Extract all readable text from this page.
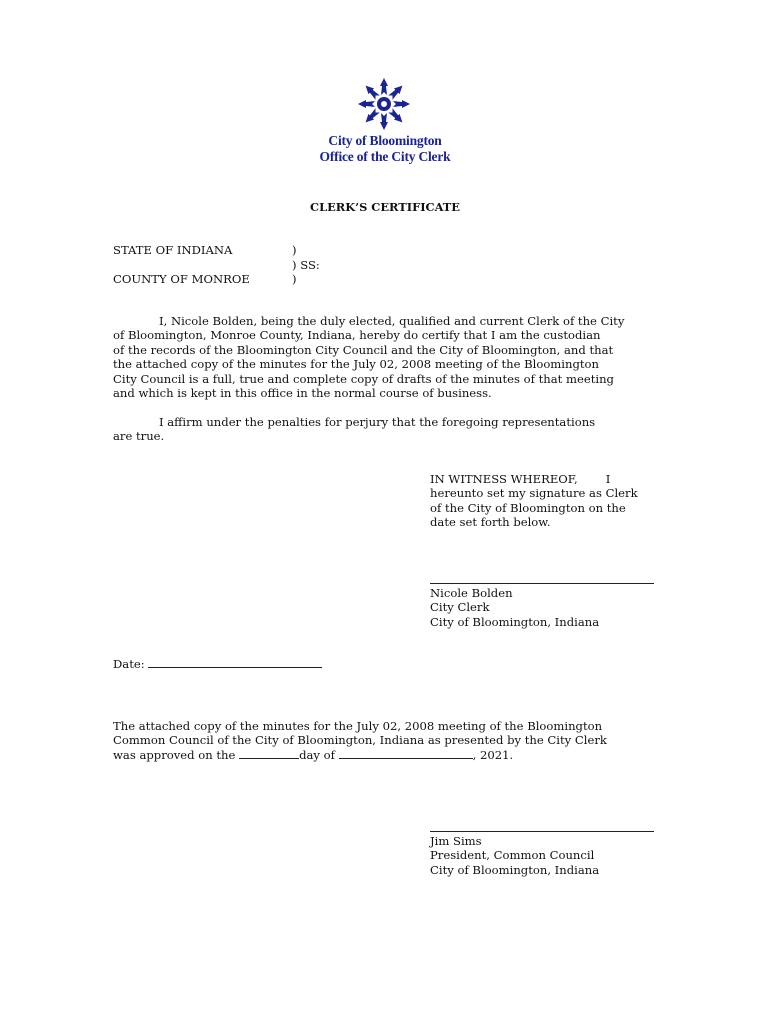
City of Bloomington
Office of the City Clerk
CLERK’S CERTIFICATE
STATE OF INDIANA
COUNTY OF MONROE
)
) SS:
)
I, Nicole Bolden, being the duly elected, qualified and current Clerk of the City
of Bloomington, Monroe County, Indiana, hereby do certify that I am the custodian
of the records of the Bloomington City Council and the City of Bloomington, and that
the attached copy of the minutes for the July 02, 2008 meeting of the Bloomington
City Council is a full, true and complete copy of drafts of the minutes of that meeting
and which is kept in this office in the normal course of business.
I affirm under the penalties for perjury that the foregoing representations
are true.
IN WITNESS WHEREOF, I
hereunto set my signature as Clerk
of the City of Bloomington on the
date set forth below.
Nicole Bolden
City Clerk
City of Bloomington, Indiana
Date:
The attached copy of the minutes for the July 02, 2008 meeting of the Bloomington
Common Council of the City of Bloomington, Indiana as presented by the City Clerk
was approved on the	day of	, 2021.
Jim Sims
President, Common Council
City of Bloomington, Indiana
